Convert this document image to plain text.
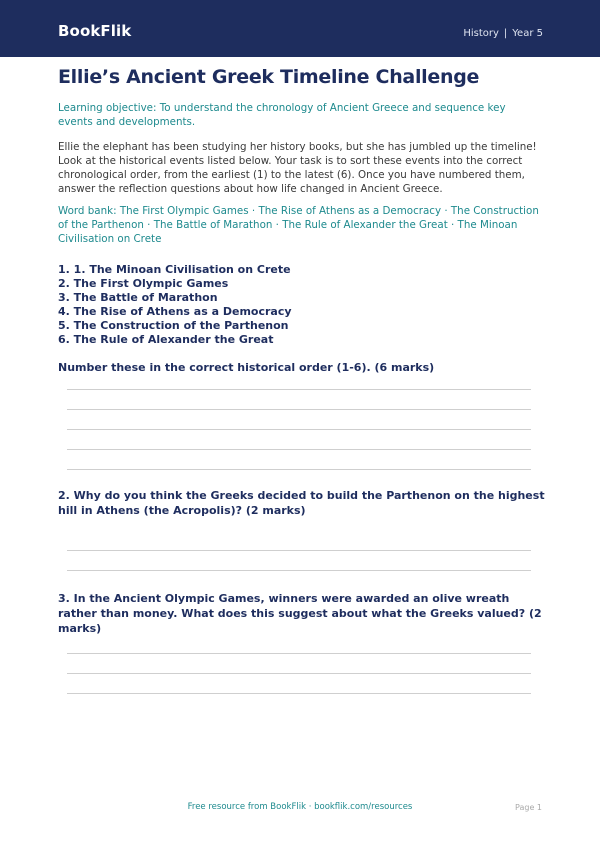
BookFlik	History | Year 5
Ellie’s Ancient Greek Timeline Challenge
Learning objective: To understand the chronology of Ancient Greece and sequence key events and developments.
Ellie the elephant has been studying her history books, but she has jumbled up the timeline! Look at the historical events listed below. Your task is to sort these events into the correct chronological order, from the earliest (1) to the latest (6). Once you have numbered them, answer the reflection questions about how life changed in Ancient Greece.
Word bank: The First Olympic Games · The Rise of Athens as a Democracy · The Construction of the Parthenon · The Battle of Marathon · The Rule of Alexander the Great · The Minoan Civilisation on Crete
1. 1. The Minoan Civilisation on Crete
2. The First Olympic Games
3. The Battle of Marathon
4. The Rise of Athens as a Democracy
5. The Construction of the Parthenon
6. The Rule of Alexander the Great
Number these in the correct historical order (1-6). (6 marks)
2. Why do you think the Greeks decided to build the Parthenon on the highest hill in Athens (the Acropolis)? (2 marks)
3. In the Ancient Olympic Games, winners were awarded an olive wreath rather than money. What does this suggest about what the Greeks valued? (2 marks)
Free resource from BookFlik · bookflik.com/resources	Page 1
